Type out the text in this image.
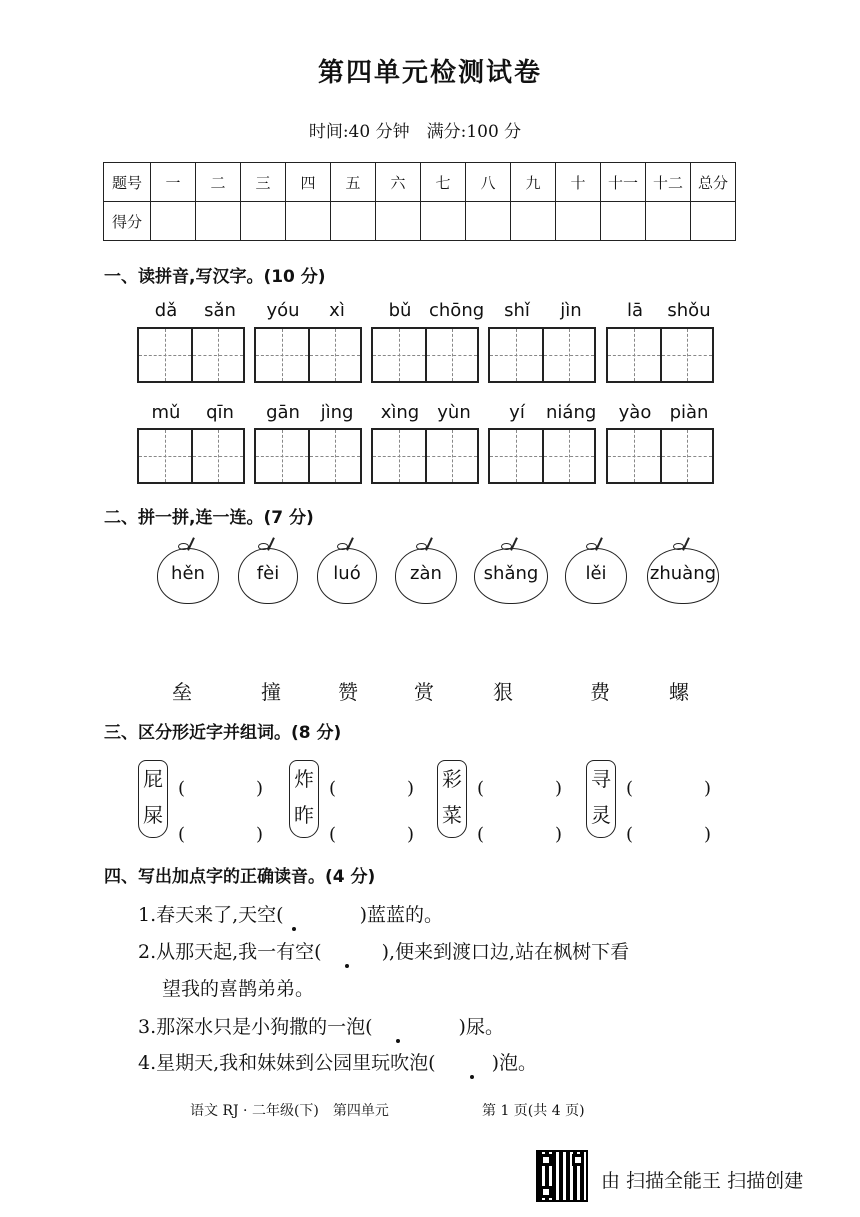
第四单元检测试卷
时间:40 分钟　满分:100 分
题号	一	二	三	四	五	六	七	八	九	十	十一	十二	总分
得分													
一、读拼音,写汉字。(10 分)
dǎ	sǎn	yóu	xì	bǔ chōng	shǐ	jìn	lā	shǒu
mǔ	qīn	gān	jìng	xìng	yùn	yí	niáng	yào	piàn
二、拼一拼,连一连。(7 分)
hěn	fèi	luó	zàn	shǎng	lěi	zhuàng
垒	撞	赞	赏	狠	费	螺
三、区分形近字并组词。(8 分)
屁
屎
(	)
(	)
炸
昨
(	)
(	)
彩
菜
(	)
(	)
寻
灵
(	)
(	)
四、写出加点字的正确读音。(4 分)
1.春天来了,天空(	)蓝蓝的。
2.从那天起,我一有空(	),便来到渡口边,站在枫树下看
望我的喜鹊弟弟。
3.那深水只是小狗撒的一泡(	)尿。
4.星期天,我和妹妹到公园里玩吹泡(	)泡。
语文 RJ · 二年级(下)　第四单元	第 1 页(共 4 页)
由 扫描全能王 扫描创建
